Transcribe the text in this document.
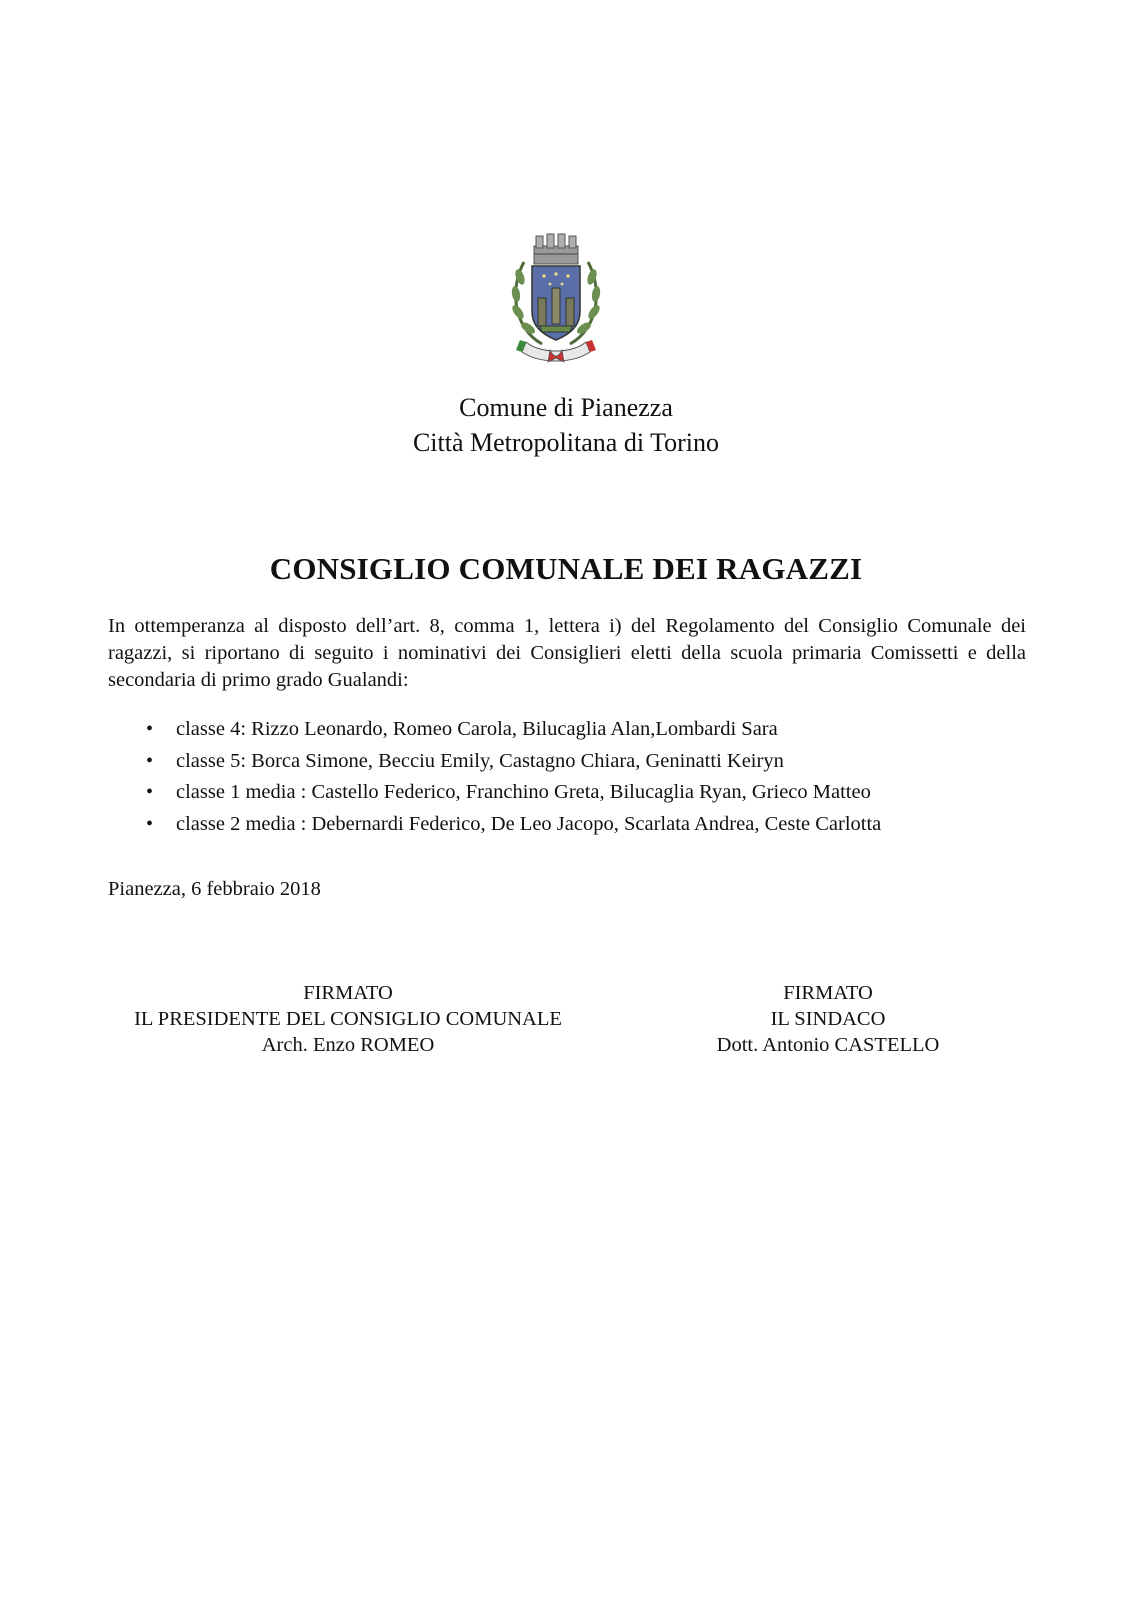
Comune di Pianezza
Città Metropolitana di Torino
CONSIGLIO COMUNALE DEI RAGAZZI
In ottemperanza al disposto dell’art. 8, comma 1, lettera i) del Regolamento del Consiglio Comunale dei ragazzi, si riportano di seguito i nominativi dei Consiglieri eletti della scuola primaria Comissetti e della secondaria di primo grado Gualandi:
• classe 4: Rizzo Leonardo, Romeo Carola, Bilucaglia Alan,Lombardi Sara
• classe 5: Borca Simone, Becciu Emily, Castagno Chiara, Geninatti Keiryn
• classe 1 media : Castello Federico, Franchino Greta, Bilucaglia Ryan, Grieco Matteo
• classe 2 media : Debernardi Federico, De Leo Jacopo, Scarlata Andrea, Ceste Carlotta
Pianezza, 6 febbraio 2018
FIRMATO
IL PRESIDENTE DEL CONSIGLIO COMUNALE
Arch. Enzo ROMEO
FIRMATO
IL SINDACO
Dott. Antonio CASTELLO
